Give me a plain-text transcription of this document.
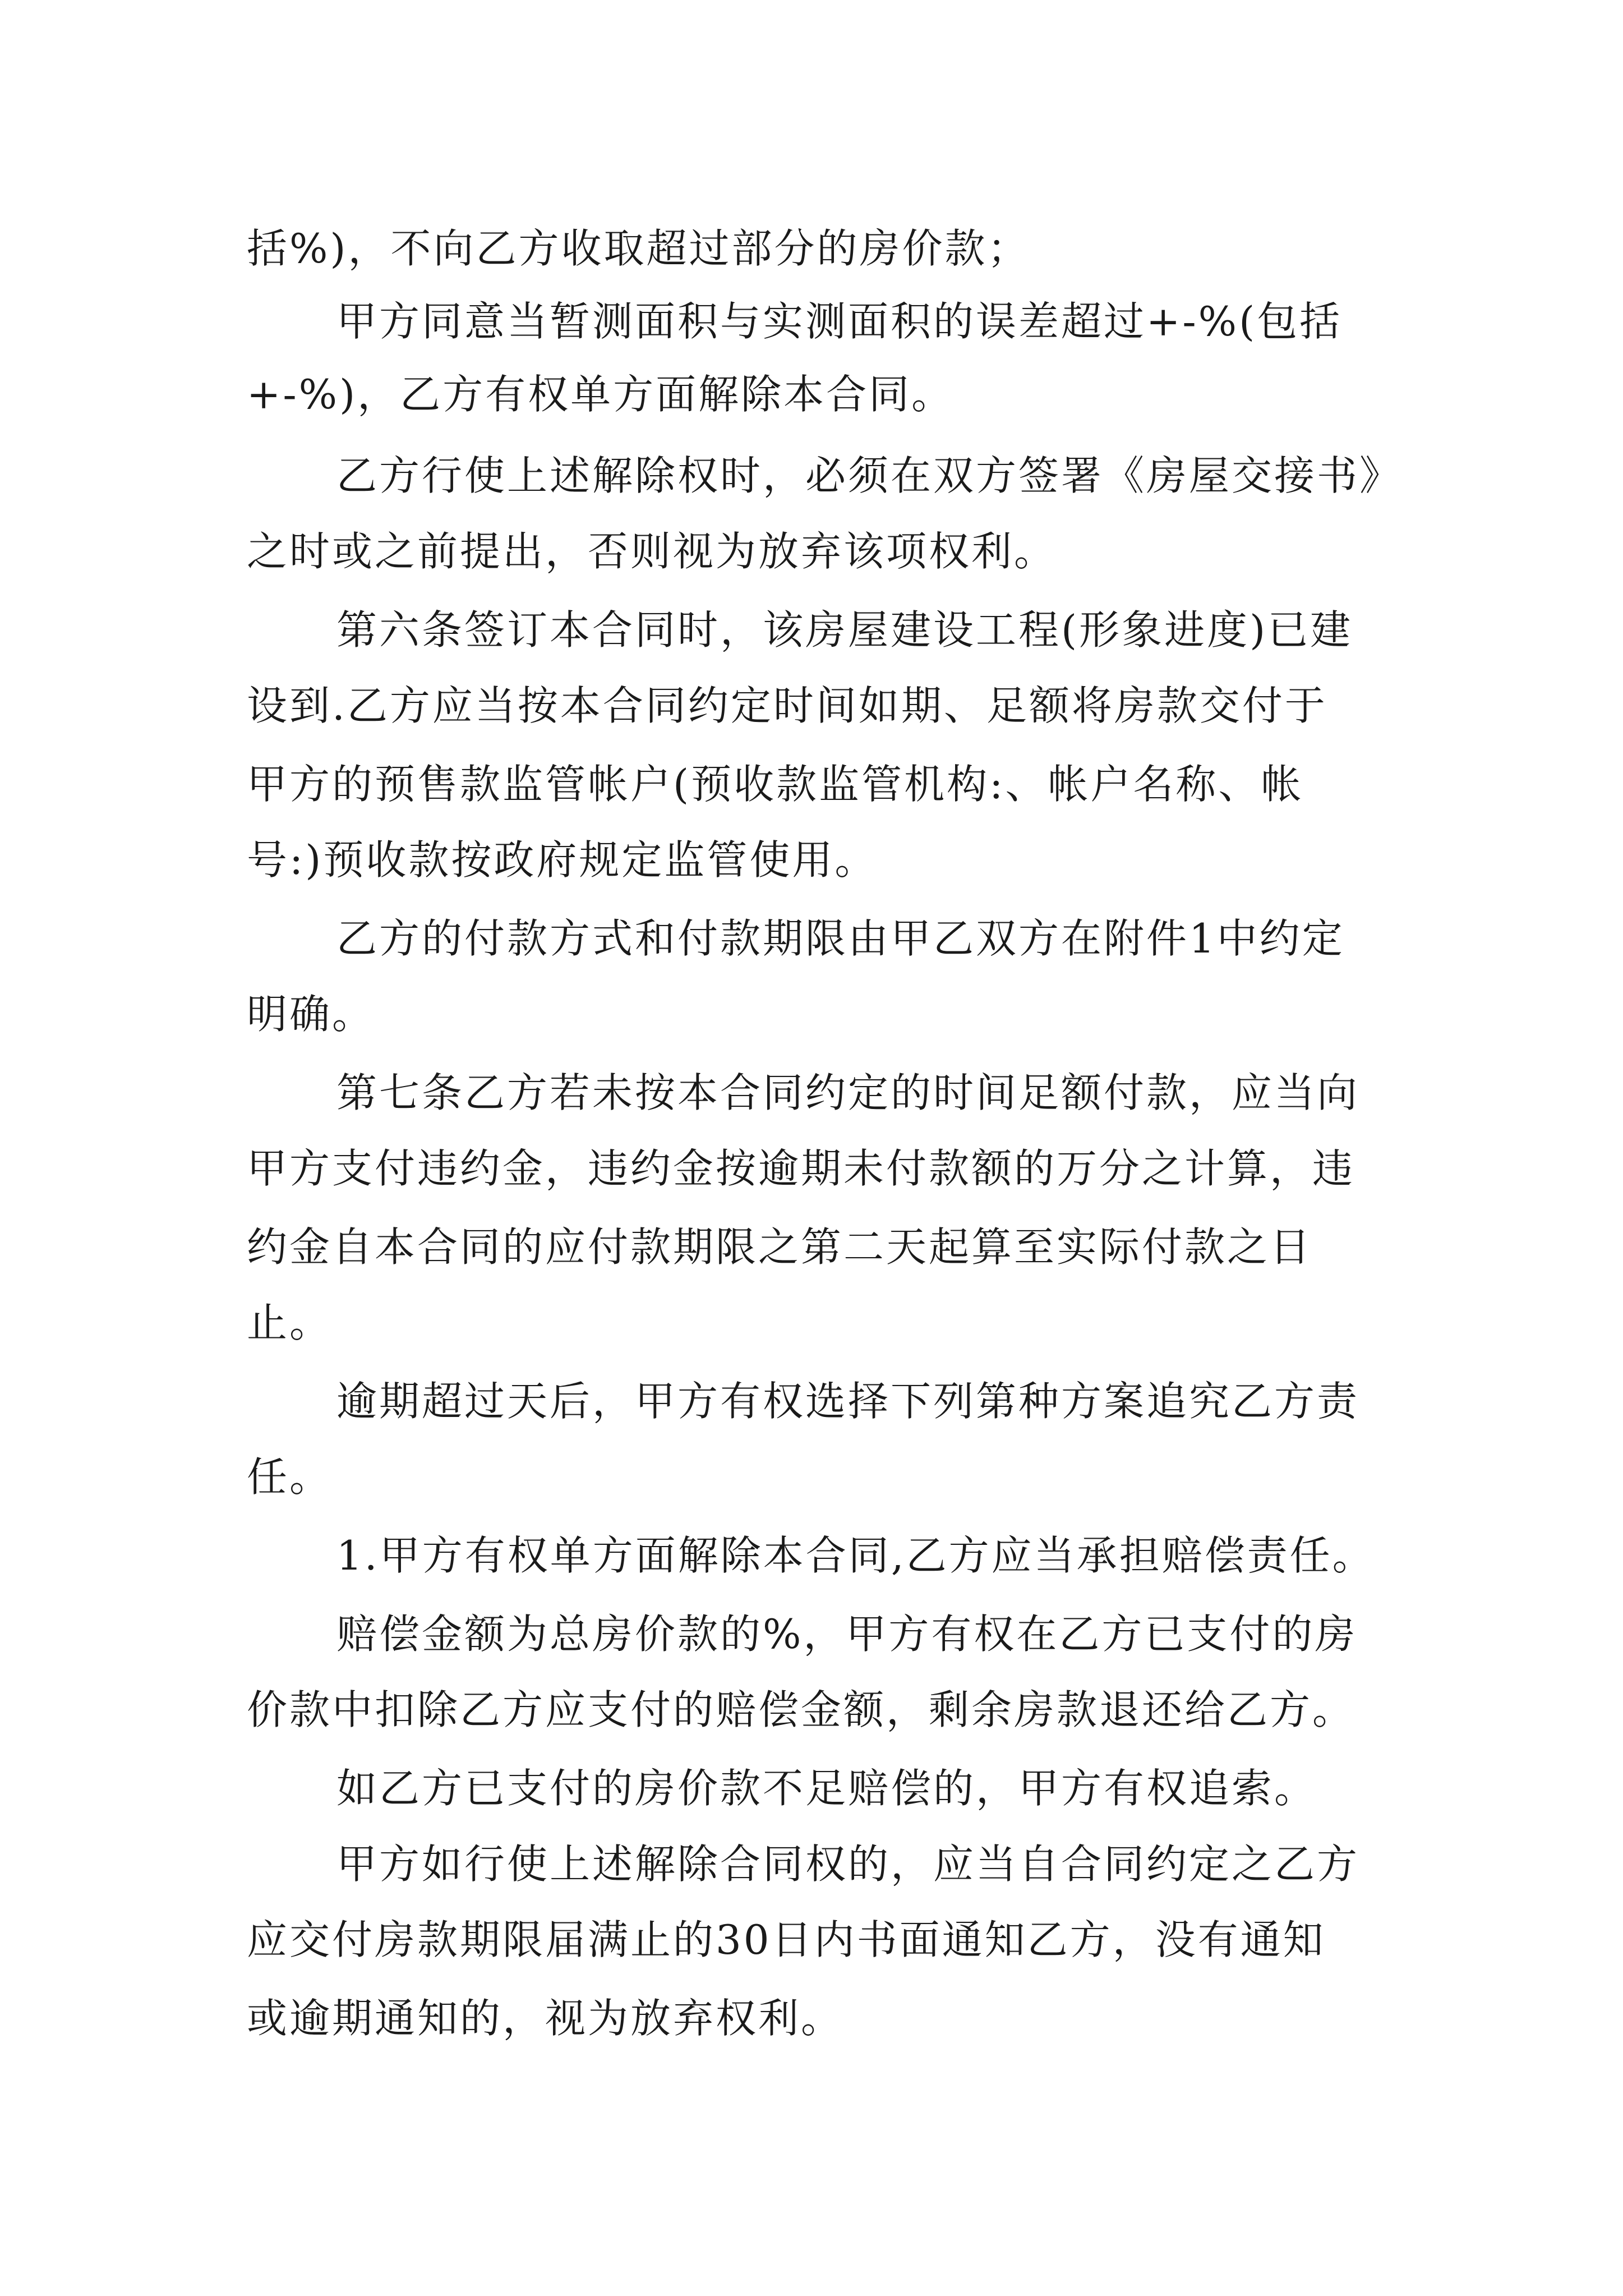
括%)，不向乙方收取超过部分的房价款；
甲方同意当暂测面积与实测面积的误差超过+-%(包括
+-%)，乙方有权单方面解除本合同。
乙方行使上述解除权时，必须在双方签署《房屋交接书》
之时或之前提出，否则视为放弃该项权利。
第六条签订本合同时，该房屋建设工程(形象进度)已建
设到.乙方应当按本合同约定时间如期、足额将房款交付于
甲方的预售款监管帐户(预收款监管机构:、帐户名称、帐
号:)预收款按政府规定监管使用。
乙方的付款方式和付款期限由甲乙双方在附件1中约定
明确。
第七条乙方若未按本合同约定的时间足额付款，应当向
甲方支付违约金，违约金按逾期未付款额的万分之计算，违
约金自本合同的应付款期限之第二天起算至实际付款之日
止。
逾期超过天后，甲方有权选择下列第种方案追究乙方责
任。
1.甲方有权单方面解除本合同,乙方应当承担赔偿责任。
赔偿金额为总房价款的%，甲方有权在乙方已支付的房
价款中扣除乙方应支付的赔偿金额，剩余房款退还给乙方。
如乙方已支付的房价款不足赔偿的，甲方有权追索。
甲方如行使上述解除合同权的，应当自合同约定之乙方
应交付房款期限届满止的30日内书面通知乙方，没有通知
或逾期通知的，视为放弃权利。
